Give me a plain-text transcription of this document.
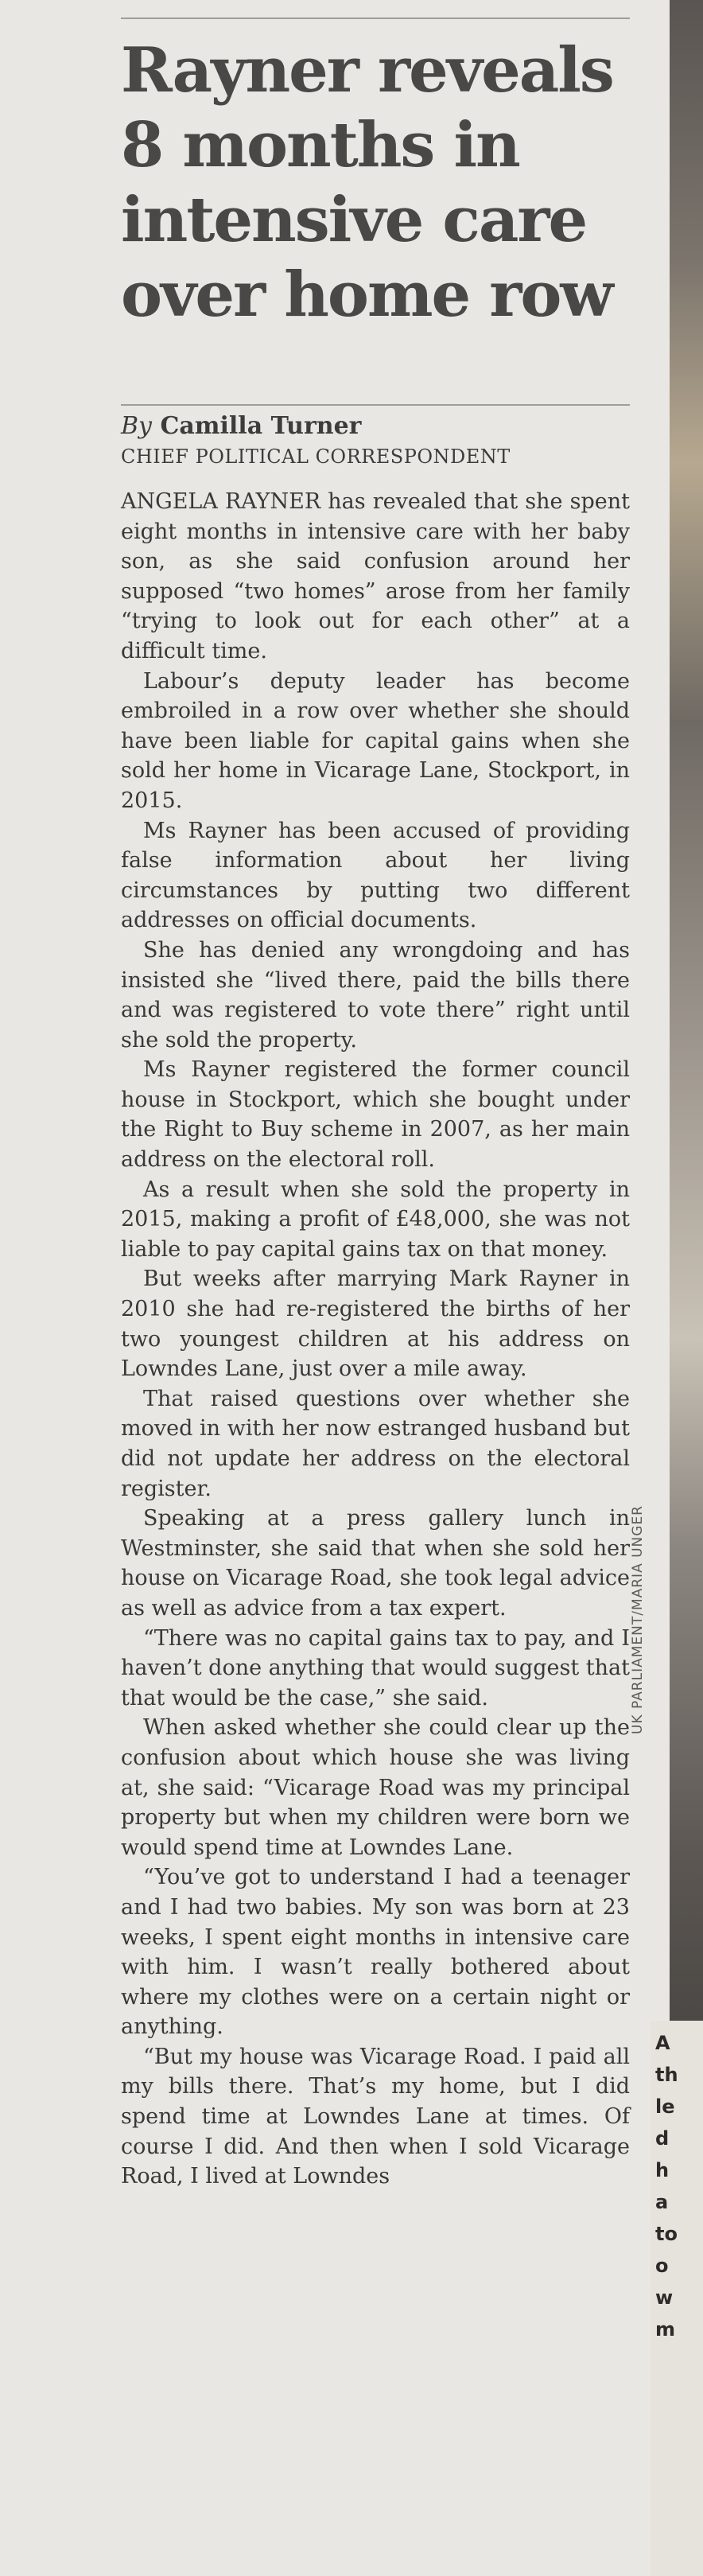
Rayner reveals 8 months in intensive care over home row
By Camilla Turner
CHIEF POLITICAL CORRESPONDENT

ANGELA RAYNER has revealed that she spent eight months in intensive care with her baby son, as she said confusion around her supposed “two homes” arose from her family “trying to look out for each other” at a difficult time.

Labour’s deputy leader has become embroiled in a row over whether she should have been liable for capital gains when she sold her home in Vicarage Lane, Stockport, in 2015.

Ms Rayner has been accused of providing false information about her living circumstances by putting two different addresses on official documents.

She has denied any wrongdoing and has insisted she “lived there, paid the bills there and was registered to vote there” right until she sold the property.

Ms Rayner registered the former council house in Stockport, which she bought under the Right to Buy scheme in 2007, as her main address on the electoral roll.

As a result when she sold the property in 2015, making a profit of £48,000, she was not liable to pay capital gains tax on that money.

But weeks after marrying Mark Rayner in 2010 she had re-registered the births of her two youngest children at his address on Lowndes Lane, just over a mile away.

That raised questions over whether she moved in with her now estranged husband but did not update her address on the electoral register.

Speaking at a press gallery lunch in Westminster, she said that when she sold her house on Vicarage Road, she took legal advice as well as advice from a tax expert.

“There was no capital gains tax to pay, and I haven’t done anything that would suggest that that would be the case,” she said.

When asked whether she could clear up the confusion about which house she was living at, she said: “Vicarage Road was my principal property but when my children were born we would spend time at Lowndes Lane.

“You’ve got to understand I had a teenager and I had two babies. My son was born at 23 weeks, I spent eight months in intensive care with him. I wasn’t really bothered about where my clothes were on a certain night or anything.

“But my house was Vicarage Road. I paid all my bills there. That’s my home, but I did spend time at Lowndes Lane at times. Of course I did. And then when I sold Vicarage Road, I lived at Lowndes

UK PARLIAMENT/MARIA UNGER
A
th
le
d
h
a
to
o
w
m
